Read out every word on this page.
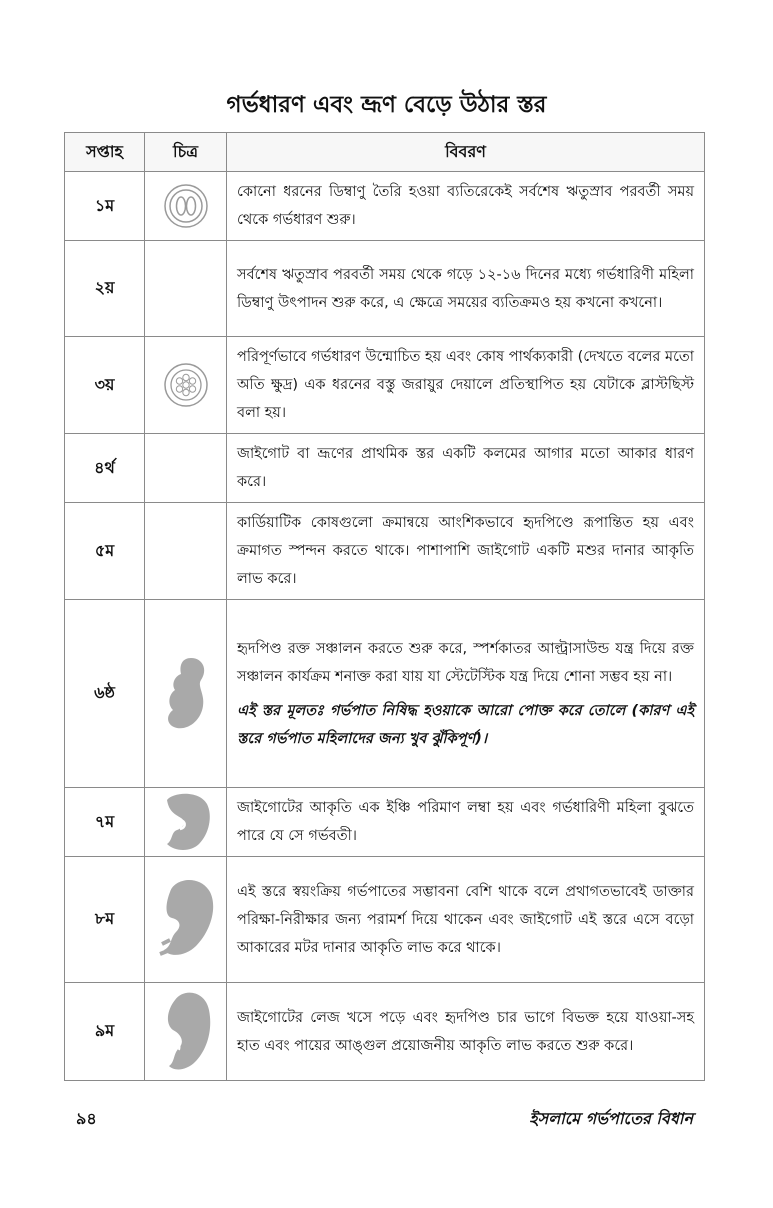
গর্ভধারণ এবং ভ্রূণ বেড়ে উঠার স্তর
সপ্তাহ	চিত্র	বিবরণ
১ম		কোনো ধরনের ডিম্বাণু তৈরি হওয়া ব্যতিরেকেই সর্বশেষ ঋতুস্রাব পরবর্তী সময় থেকে গর্ভধারণ শুরু।
২য়		সর্বশেষ ঋতুস্রাব পরবর্তী সময় থেকে গড়ে ১২-১৬ দিনের মধ্যে গর্ভধারিণী মহিলা ডিম্বাণু উৎপাদন শুরু করে, এ ক্ষেত্রে সময়ের ব্যতিক্রমও হয় কখনো কখনো।
৩য়		পরিপূর্ণভাবে গর্ভধারণ উন্মোচিত হয় এবং কোষ পার্থক্যকারী (দেখতে বলের মতো অতি ক্ষুদ্র) এক ধরনের বস্তু জরায়ুর দেয়ালে প্রতিস্থাপিত হয় যেটাকে ব্লাস্টছিস্ট বলা হয়।
৪র্থ		জাইগোট বা ভ্রূণের প্রাথমিক স্তর একটি কলমের আগার মতো আকার ধারণ করে।
৫ম		কার্ডিয়াটিক কোষগুলো ক্রমান্বয়ে আংশিকভাবে হৃদপিণ্ডে রূপান্তিত হয় এবং ক্রমাগত স্পন্দন করতে থাকে। পাশাপাশি জাইগোট একটি মশুর দানার আকৃতি লাভ করে।
৬ষ্ঠ		হৃদপিণ্ড রক্ত সঞ্চালন করতে শুরু করে, স্পর্শকাতর আল্ট্রাসাউন্ড যন্ত্র দিয়ে রক্ত সঞ্চালন কার্যক্রম শনাক্ত করা যায় যা স্টেটেস্টিক যন্ত্র দিয়ে শোনা সম্ভব হয় না।
এই স্তর মূলতঃ গর্ভপাত নিষিদ্ধ হওয়াকে আরো পোক্ত করে তোলে (কারণ এই স্তরে গর্ভপাত মহিলাদের জন্য খুব ঝুঁকিপূর্ণ)।

৭ম		জাইগোটের আকৃতি এক ইঞ্চি পরিমাণ লম্বা হয় এবং গর্ভধারিণী মহিলা বুঝতে পারে যে সে গর্ভবতী।
৮ম		এই স্তরে স্বয়ংক্রিয় গর্ভপাতের সম্ভাবনা বেশি থাকে বলে প্রথাগতভাবেই ডাক্তার পরিক্ষা-নিরীক্ষার জন্য পরামর্শ দিয়ে থাকেন এবং জাইগোট এই স্তরে এসে বড়ো আকারের মটর দানার আকৃতি লাভ করে থাকে।
৯ম		জাইগোটের লেজ খসে পড়ে এবং হৃদপিণ্ড চার ভাগে বিভক্ত হয়ে যাওয়া-সহ হাত এবং পায়ের আঙ্গুল প্রয়োজনীয় আকৃতি লাভ করতে শুরু করে।
৯৪	ইসলামে গর্ভপাতের বিধান
